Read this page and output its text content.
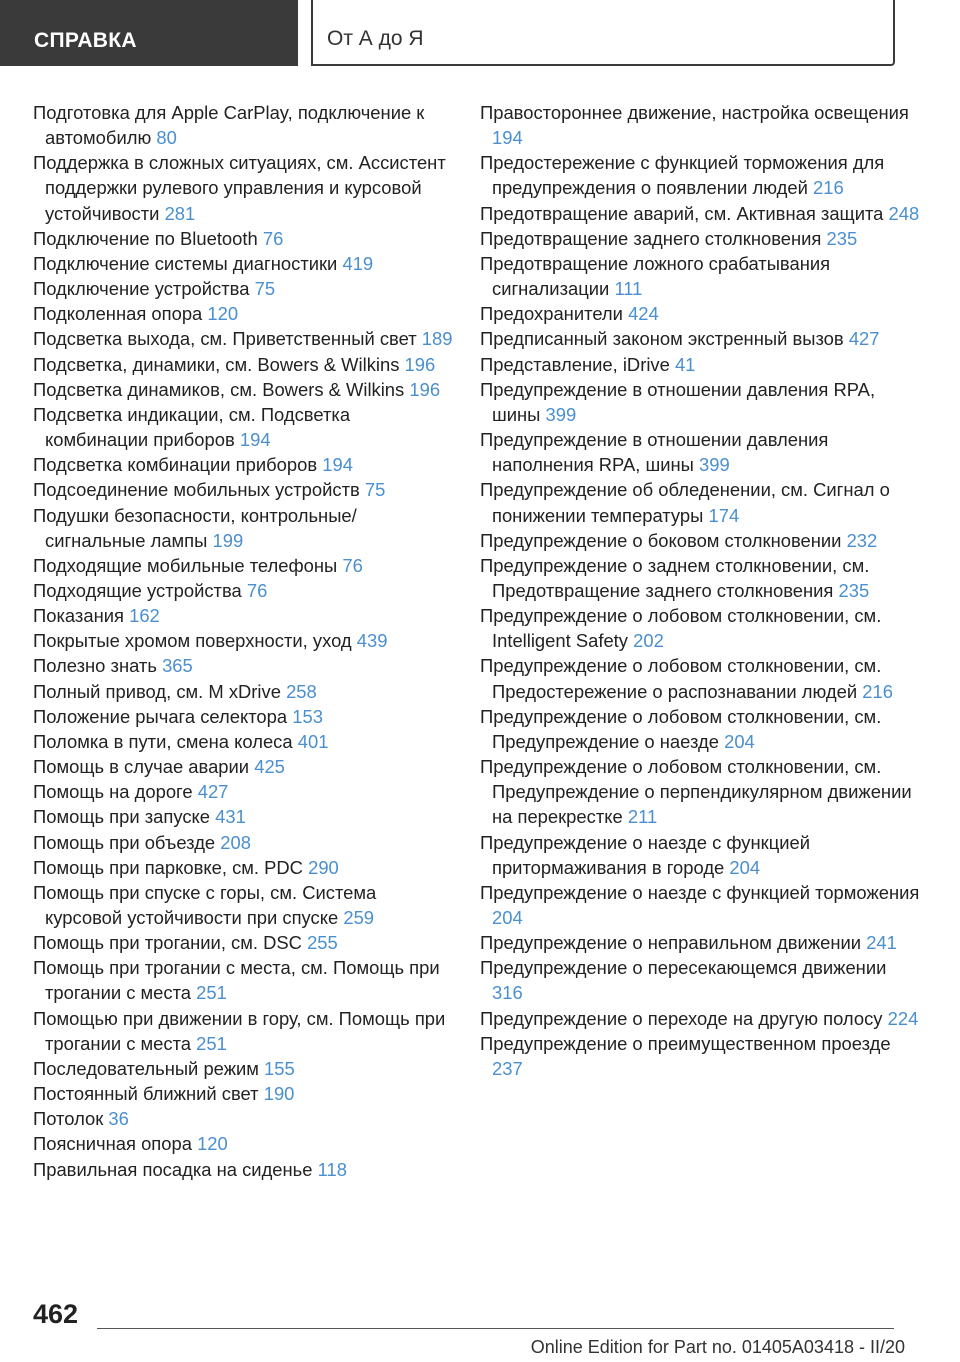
СПРАВКА	От А до Я

Подготовка для Apple CarPlay, подключение к автомобилю 80

Поддержка в сложных ситуациях, см. Ассистент поддержки рулевого управления и курсовой устойчивости 281

Подключение по Bluetooth 76

Подключение системы диагностики 419

Подключение устройства 75

Подколенная опора 120

Подсветка выхода, см. Приветственный свет 189

Подсветка, динамики, см. Bowers & Wilkins 196

Подсветка динамиков, см. Bowers & Wilkins 196

Подсветка индикации, см. Подсветка комбинации приборов 194

Подсветка комбинации приборов 194

Подсоединение мобильных устройств 75

Подушки безопасности, контрольные/сигнальные лампы 199

Подходящие мобильные телефоны 76

Подходящие устройства 76

Показания 162

Покрытые хромом поверхности, уход 439

Полезно знать 365

Полный привод, см. M xDrive 258

Положение рычага селектора 153

Поломка в пути, смена колеса 401

Помощь в случае аварии 425

Помощь на дороге 427

Помощь при запуске 431

Помощь при объезде 208

Помощь при парковке, см. PDC 290

Помощь при спуске с горы, см. Система курсовой устойчивости при спуске 259

Помощь при трогании, см. DSC 255

Помощь при трогании с места, см. Помощь при трогании с места 251

Помощью при движении в гору, см. Помощь при трогании с места 251

Последовательный режим 155

Постоянный ближний свет 190

Потолок 36

Поясничная опора 120

Правильная посадка на сиденье 118

Правостороннее движение, настройка освещения 194

Предостережение с функцией торможения для предупреждения о появлении людей 216

Предотвращение аварий, см. Активная защита 248

Предотвращение заднего столкновения 235

Предотвращение ложного срабатывания сигнализации 111

Предохранители 424

Предписанный законом экстренный вызов 427

Представление, iDrive 41

Предупреждение в отношении давления RPA, шины 399

Предупреждение в отношении давления наполнения RPA, шины 399

Предупреждение об обледенении, см. Сигнал о понижении температуры 174

Предупреждение о боковом столкновении 232

Предупреждение о заднем столкновении, см. Предотвращение заднего столкновения 235

Предупреждение о лобовом столкновении, см. Intelligent Safety 202

Предупреждение о лобовом столкновении, см. Предостережение о распознавании людей 216

Предупреждение о лобовом столкновении, см. Предупреждение о наезде 204

Предупреждение о лобовом столкновении, см. Предупреждение о перпендикулярном движении на перекрестке 211

Предупреждение о наезде с функцией притормаживания в городе 204

Предупреждение о наезде с функцией торможения 204

Предупреждение о неправильном движении 241

Предупреждение о пересекающемся движении 316

Предупреждение о переходе на другую полосу 224

Предупреждение о преимущественном проезде 237

462
Online Edition for Part no. 01405A03418 - II/20
